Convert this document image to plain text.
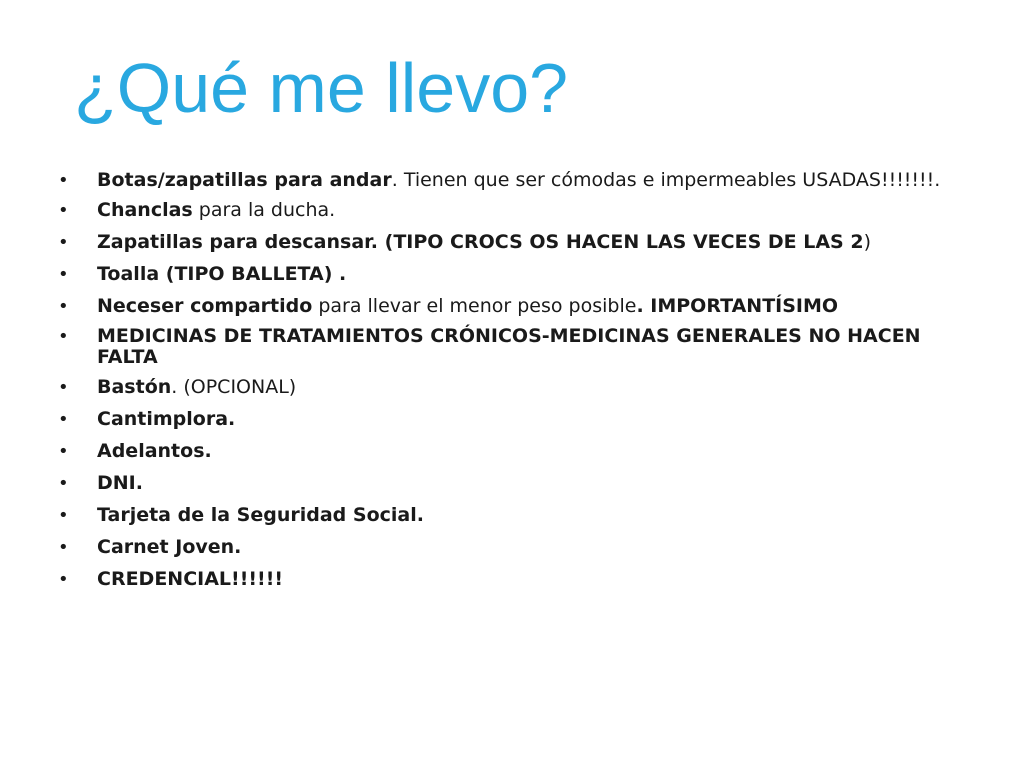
¿Qué me llevo?
• Botas/zapatillas para andar. Tienen que ser cómodas e impermeables USADAS!!!!!!!.
• Chanclas para la ducha.
• Zapatillas para descansar. (TIPO CROCS OS HACEN LAS VECES DE LAS 2)
• Toalla (TIPO BALLETA) .
• Neceser compartido para llevar el menor peso posible. IMPORTANTÍSIMO
• MEDICINAS DE TRATAMIENTOS CRÓNICOS-MEDICINAS GENERALES NO HACEN FALTA
• Bastón. (OPCIONAL)
• Cantimplora.
• Adelantos.
• DNI.
• Tarjeta de la Seguridad Social.
• Carnet Joven.
• CREDENCIAL!!!!!!
